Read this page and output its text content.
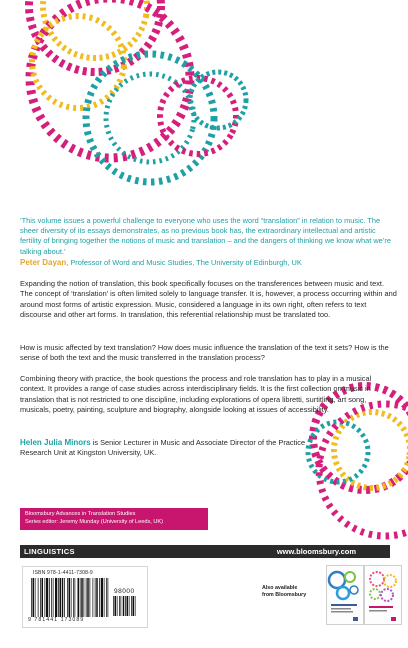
‘This volume issues a powerful challenge to everyone who uses the word “translation” in relation to music. The sheer diversity of its essays demonstrates, as no previous book has, the extraordinary intellectual and artistic fertility of bringing together the notions of music and translation – and the dangers of thinking we know what we’re talking about.’
Peter Dayan, Professor of Word and Music Studies, The University of Edinburgh, UK

Expanding the notion of translation, this book specifically focuses on the transferences between music and text. The concept of ‘translation’ is often limited solely to language transfer. It is, however, a process occurring within and around most forms of artistic expression. Music, considered a language in its own right, often refers to text discourse and other art forms. In translation, this referential relationship must be translated too.

How is music affected by text translation? How does music influence the translation of the text it sets? How is the sense of both the text and the music transferred in the translation process?

Combining theory with practice, the book questions the process and role translation has to play in a musical context. It provides a range of case studies across interdisciplinary fields. It is the first collection on music in translation that is not restricted to one discipline, including explorations of opera libretti, surtitling, art song, musicals, poetry, painting, sculpture and biography, alongside looking at issues of accessibility.

Helen Julia Minors is Senior Lecturer in Music and Associate Director of the Practice Research Unit at Kingston University, UK.
Bloomsbury Advances in Translation Studies
Series editor: Jeremy Munday (University of Leeds, UK)
LINGUISTICS	www.bloomsbury.com
ISBN 978-1-4411-7308-9
98000
9 781441 173089
Also available
from Bloomsbury
